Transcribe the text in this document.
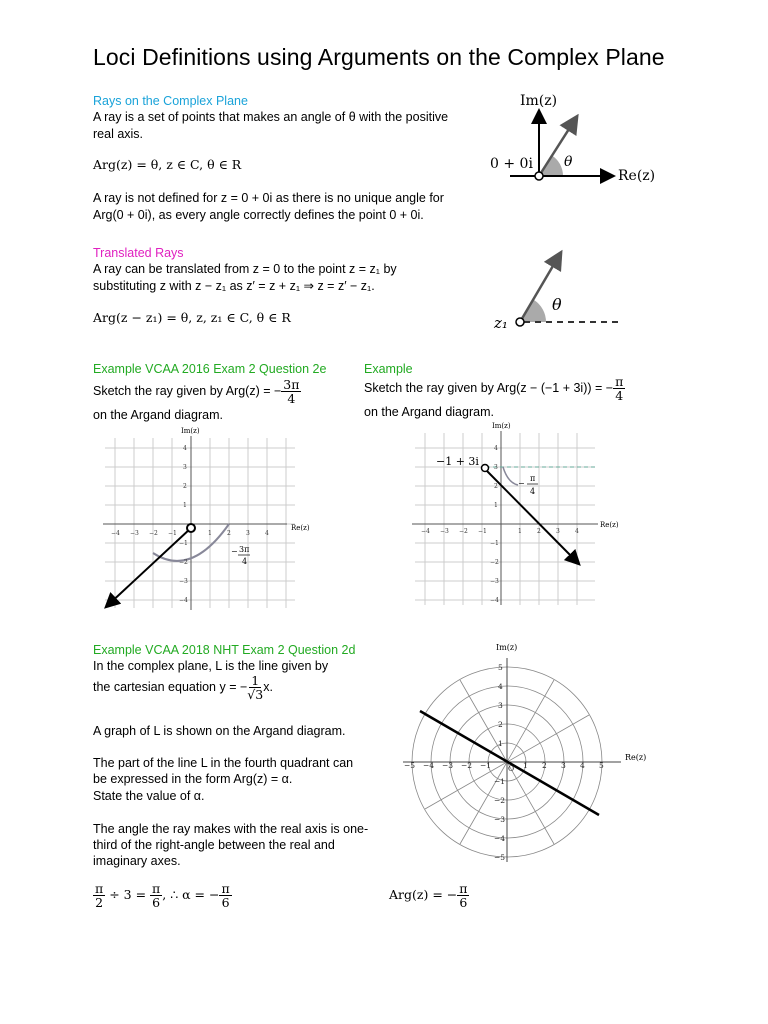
Loci Definitions using Arguments on the Complex Plane
Rays on the Complex Plane
A ray is a set of points that makes an angle of θ with the positive
real axis.
Arg(z) = θ, z ∈ C, θ ∈ R
A ray is not defined for z = 0 + 0i as there is no unique angle for
Arg(0 + 0i), as every angle correctly defines the point 0 + 0i.
Im(z)
Re(z)
0 + 0i θ
Translated Rays
A ray can be translated from z = 0 to the point z = z₁ by
substituting z with z − z₁ as z′ = z + z₁ ⇒ z = z′ − z₁.
Arg(z − z₁) = θ, z, z₁ ∈ C, θ ∈ R	z₁
θ
Example VCAA 2016 Exam 2 Question 2e
Sketch the ray given by Arg(z) = − $\frac{3\pi}{4}$
on the Argand diagram.
Im(z)
Re(z)
− 3π
4
−4 −3 −2 −1	1	2	3	4
4
3
2
1
−1
−2
−3
−4
Example
Sketch the ray given by Arg(z − (−1 + 3i)) = − $\frac{\pi}{4}$
on the Argand diagram.
Im(z)
Re(z)
−1 + 3i
−
π
4
−4 −3 −2 −1	1	2	3	4
4
3
2
1
−1
−2
−3
−4
Example VCAA 2018 NHT Exam 2 Question 2d
In the complex plane, L is the line given by
the cartesian equation y = − $\frac{1}{√3} x$.
A graph of L is shown on the Argand diagram.
The part of the line L in the fourth quadrant can
be expressed in the form Arg(z) = α.
State the value of α.
The angle the ray makes with the real axis is one-
third of the right-angle between the real and
imaginary axes.
$\frac{\pi}{2} \div 3 = \frac{\pi}{6}$ , ∴ α = − $\frac{\pi}{6}$	Arg(z) = − $\frac{\pi}{6}$
Im(z)
Re(z)
−5 −4 −3 −2 −1 O 1 2 3 4 5
5
4
3
2
1
−1
−2
−3
−4
−5
